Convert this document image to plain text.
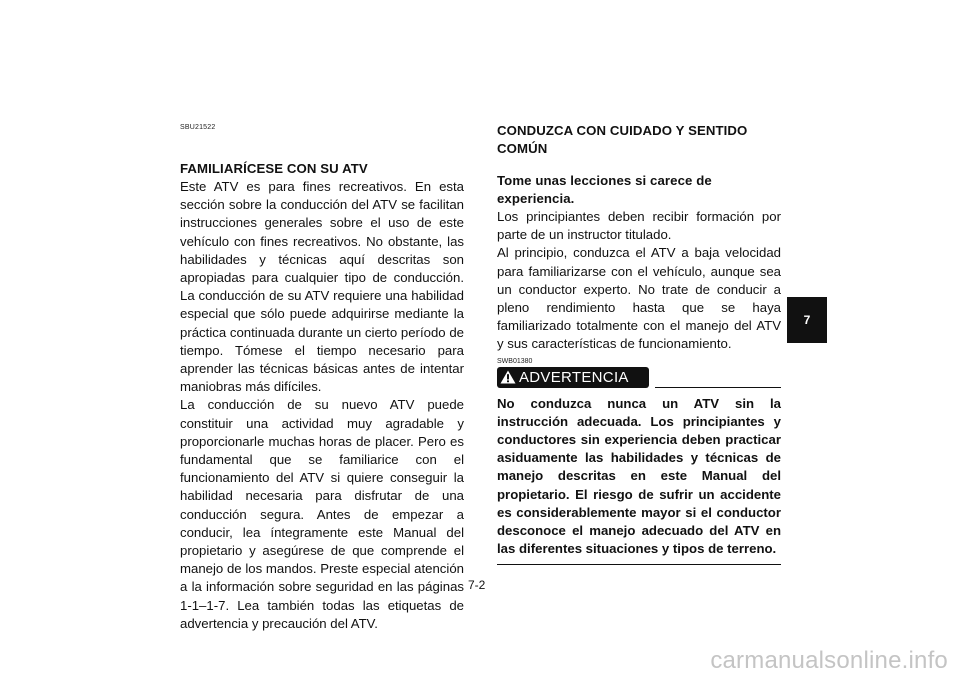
SBU21522

FAMILIARÍCESE CON SU ATV

Este ATV es para fines recreativos. En esta sección sobre la conducción del ATV se facilitan instrucciones generales sobre el uso de este vehículo con fines recreativos. No obstante, las habilidades y técnicas aquí descritas son apropiadas para cualquier tipo de conducción. La conducción de su ATV requiere una habilidad especial que sólo puede adquirirse mediante la práctica continuada durante un cierto período de tiempo. Tómese el tiempo necesario para aprender las técnicas básicas antes de intentar maniobras más difíciles.

La conducción de su nuevo ATV puede constituir una actividad muy agradable y proporcionarle muchas horas de placer. Pero es fundamental que se familiarice con el funcionamiento del ATV si quiere conseguir la habilidad necesaria para disfrutar de una conducción segura. Antes de empezar a conducir, lea íntegramente este Manual del propietario y asegúrese de que comprende el manejo de los mandos. Preste especial atención a la información sobre seguridad en las páginas 1-1–1-7. Lea también todas las etiquetas de advertencia y precaución del ATV.

CONDUZCA CON CUIDADO Y SENTIDO COMÚN

Tome unas lecciones si carece de experiencia.

Los principiantes deben recibir formación por parte de un instructor titulado.

Al principio, conduzca el ATV a baja velocidad para familiarizarse con el vehículo, aunque sea un conductor experto. No trate de conducir a pleno rendimiento hasta que se haya familiarizado totalmente con el manejo del ATV y sus características de funcionamiento.

SWB01380
ADVERTENCIA

No conduzca nunca un ATV sin la instrucción adecuada. Los principiantes y conductores sin experiencia deben practicar asiduamente las habilidades y técnicas de manejo descritas en este Manual del propietario. El riesgo de sufrir un accidente es considerablemente mayor si el conductor desconoce el manejo adecuado del ATV en las diferentes situaciones y tipos de terreno.

7
7-2
carmanualsonline.info
